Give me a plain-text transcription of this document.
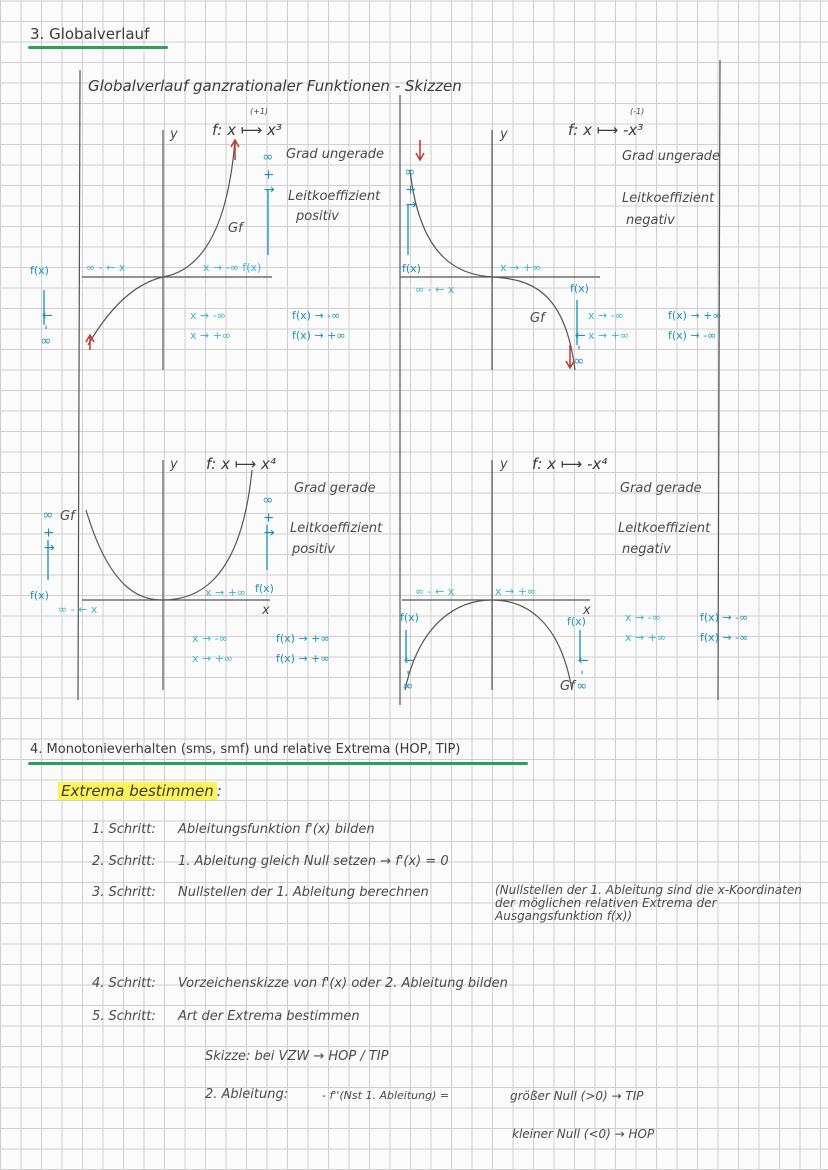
3. Globalverlauf
Globalverlauf ganzrationaler Funktionen - Skizzen
y f: x ⟼ x³
(+1)
Grad ungerade
Leitkoeffizient
positiv
Gf
f(x)	∞ - ← x	x → -∞ f(x)
∞ + ↑
↓ - ∞	x → -∞	f(x) → -∞
x → +∞	f(x) → +∞
y	f: x ⟼ -x³
(-1)
Grad ungerade
Leitkoeffizient
negativ
Gf
f(x)	x → +∞
∞ - ← x	f(x)
∞ + ↑
↓ - ∞
x → -∞	f(x) → +∞
x → +∞	f(x) → -∞
y
x
f: x ⟼ x⁴
Grad gerade
Leitkoeffizient
positiv
Gf
f(x)
∞ - ← x
x → +∞ f(x)
∞ + ↑	∞ + ↑
x → -∞	f(x) → +∞
x → +∞	f(x) → +∞
y
x
f: x ⟼ -x⁴
Grad gerade
Leitkoeffizient
negativ
Gf
∞ - ← x	x → +∞
f(x)	f(x)
↓ - ∞	↓ - ∞
x → -∞	f(x) → -∞
x → +∞	f(x) → -∞
4. Monotonieverhalten (sms, smf) und relative Extrema (HOP, TIP)
Extrema bestimmen :
1. Schritt: Ableitungsfunktion f'(x) bilden
2. Schritt: 1. Ableitung gleich Null setzen → f'(x) = 0
3. Schritt: Nullstellen der 1. Ableitung berechnen	(Nullstellen der 1. Ableitung sind die x-Koordinaten der möglichen relativen Extrema der Ausgangsfunktion f(x))
4. Schritt: Vorzeichenskizze von f'(x) oder 2. Ableitung bilden
5. Schritt: Art der Extrema bestimmen
Skizze: bei VZW → HOP / TIP
2. Ableitung:	- f''(Nst 1. Ableitung) =	größer Null (>0) → TIP
kleiner Null (<0) → HOP
